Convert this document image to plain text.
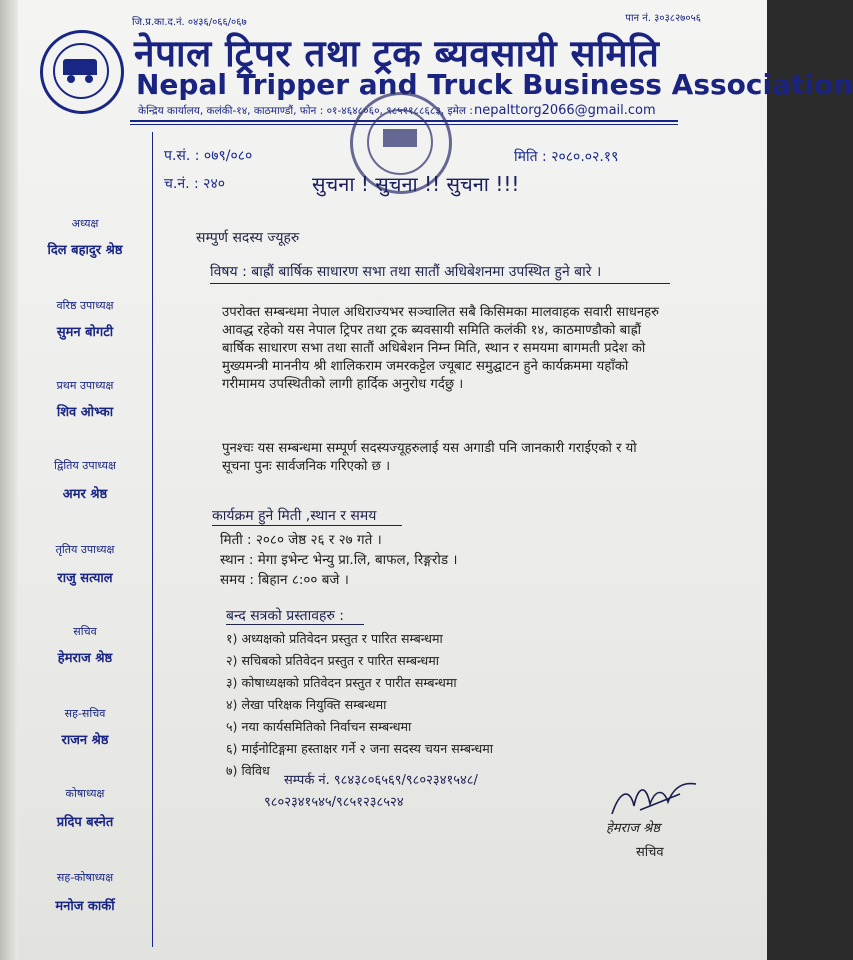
जि.प्र.का.द.नं. ०४३६/०६६/०६७	पान नं. ३०३८२७०५६
नेपाल ट्रिपर तथा ट्रक ब्यवसायी समिति
Nepal Tripper and Truck Business Association
केन्द्रिय कार्यालय, कलंकी-१४, काठमाण्डौं, फोन : ०१-४६४८०६०, ९८५११८८६८३, इमेल : nepalttorg2066@gmail.com
अध्यक्ष
दिल बहादुर श्रेष्ठ
वरिष्ठ उपाध्यक्ष
सुमन बोगटी
प्रथम उपाध्यक्ष
शिव ओभ्का
द्वितिय उपाध्यक्ष
अमर श्रेष्ठ
तृतिय उपाध्यक्ष
राजु सत्याल
सचिव
हेमराज श्रेष्ठ
सह-सचिव
राजन श्रेष्ठ
कोषाध्यक्ष
प्रदिप बस्नेत
सह-कोषाध्यक्ष
मनोज कार्की
प.सं. : ०७९/०८०
च.नं. : २४०
मिति : २०८०.०२.१९
सुचना ! सुचना !! सुचना !!!
सम्पुर्ण सदस्य ज्यूहरु
विषय : बाह्रौं बार्षिक साधारण सभा तथा सातौं अधिबेशनमा उपस्थित हुने बारे ।
उपरोक्त सम्बन्धमा नेपाल अधिराज्यभर सञ्चालित सबै किसिमका मालवाहक सवारी साधनहरु आवद्ध रहेको यस नेपाल ट्रिपर तथा ट्रक ब्यवसायी समिति कलंकी १४, काठमाण्डौको बाह्रौं बार्षिक साधारण सभा तथा सातौं अधिबेशन निम्न मिति, स्थान र समयमा बागमती प्रदेश को मुख्यमन्त्री माननीय श्री शालिकराम जमरकट्टेल ज्यूबाट समुद्घाटन हुने कार्यक्रममा यहाँको गरीमामय उपस्थितीको लागी हार्दिक अनुरोध गर्दछु ।
पुनश्चः यस सम्बन्धमा सम्पूर्ण सदस्यज्यूहरुलाई यस अगाडी पनि जानकारी गराईएको र यो सूचना पुनः सार्वजनिक गरिएको छ ।
कार्यक्रम हुने मिती ,स्थान र समय
मिती : २०८० जेष्ठ २६ र २७ गते ।
स्थान : मेगा इभेन्ट भेन्यु प्रा.लि, बाफल, रिङ्गरोड ।
समय : बिहान ८:०० बजे ।
बन्द सत्रको प्रस्तावहरु :
१) अध्यक्षको प्रतिवेदन प्रस्तुत र पारित सम्बन्धमा
२) सचिबको प्रतिवेदन प्रस्तुत र पारित सम्बन्धमा
३) कोषाध्यक्षको प्रतिवेदन प्रस्तुत र पारीत सम्बन्धमा
४) लेखा परिक्षक नियुक्ति सम्बन्धमा
५) नया कार्यसमितिको निर्वाचन सम्बन्धमा
६) माईनोटिङ्गमा हस्ताक्षर गर्ने २ जना सदस्य चयन सम्बन्धमा
७) विविध
सम्पर्क नं. ९८४३८०६५६९/९८०२३४१५४८/
९८०२३४१५४५/९८५१२३८५२४
हेमराज श्रेष्ठ
सचिव
